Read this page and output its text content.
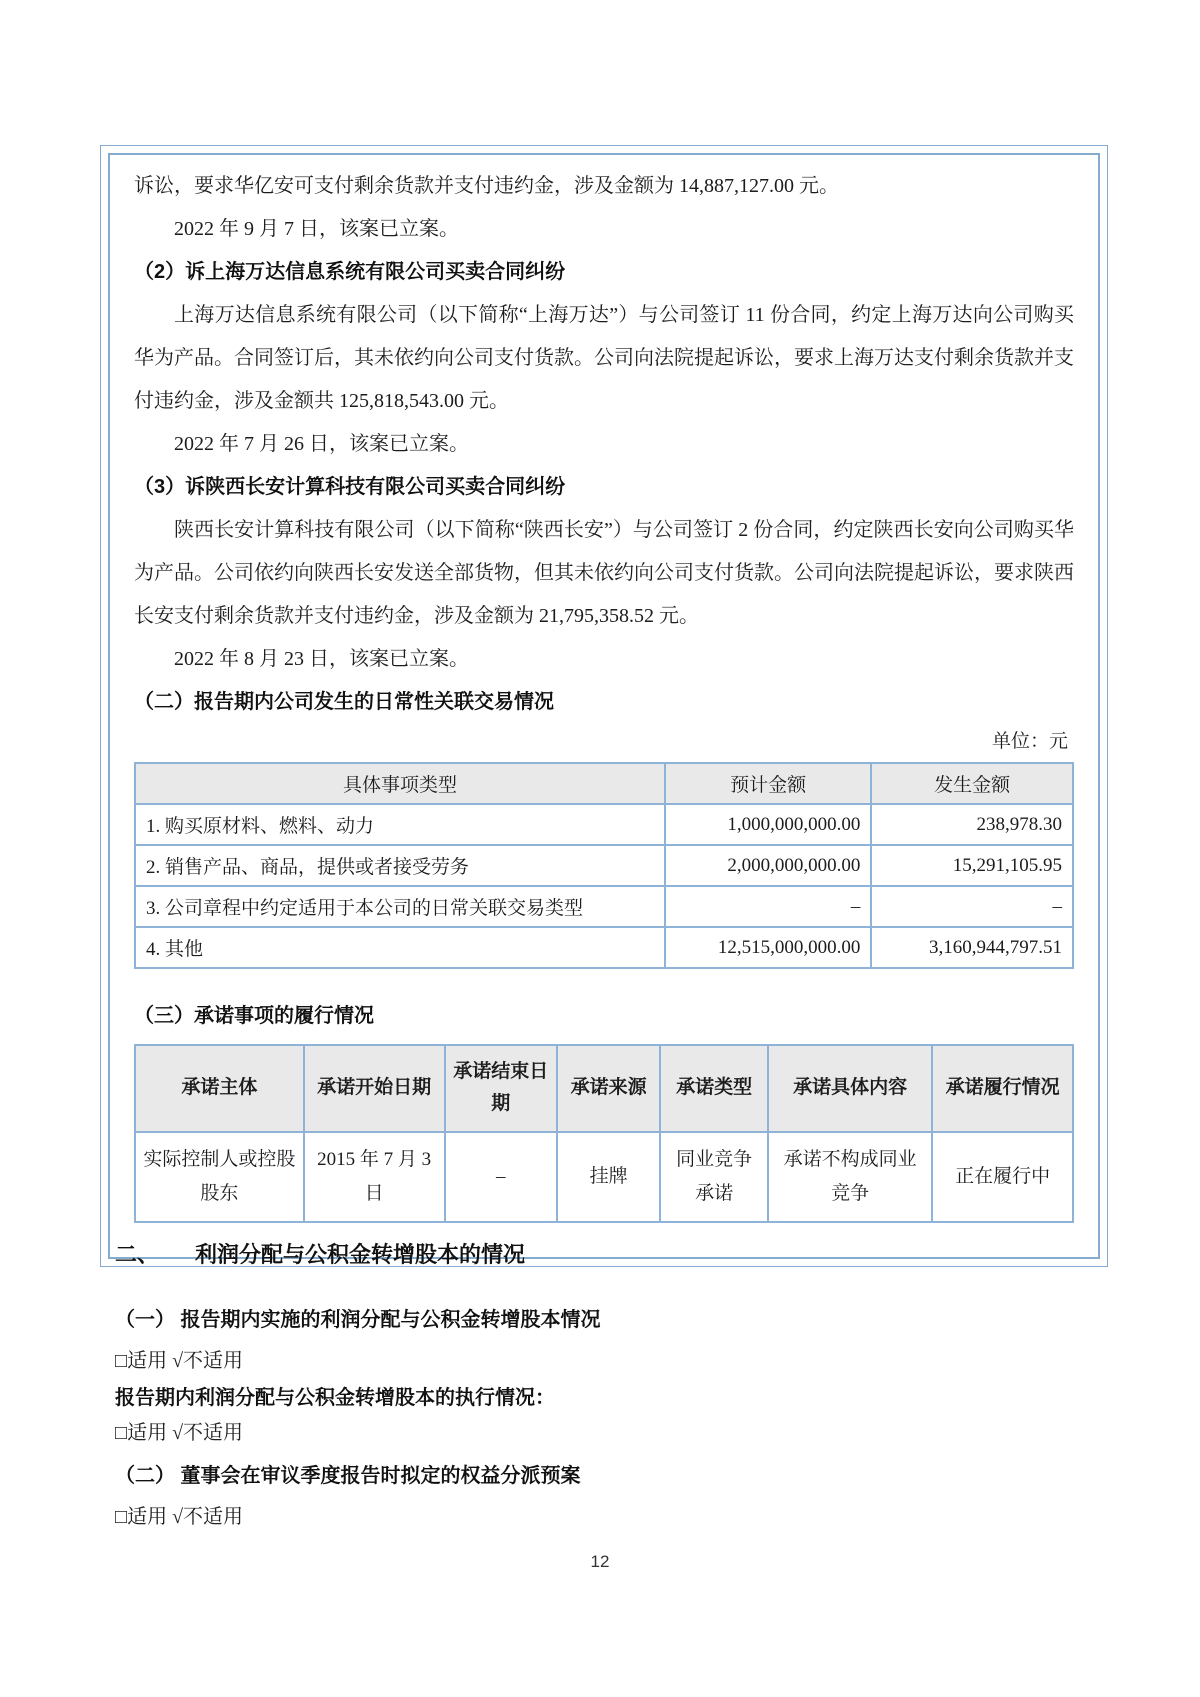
诉讼，要求华亿安可支付剩余货款并支付违约金，涉及金额为 14,887,127.00 元。

2022 年 9 月 7 日，该案已立案。

（2）诉上海万达信息系统有限公司买卖合同纠纷

上海万达信息系统有限公司（以下简称“上海万达”）与公司签订 11 份合同，约定上海万达向公司购买华为产品。合同签订后，其未依约向公司支付货款。公司向法院提起诉讼，要求上海万达支付剩余货款并支付违约金，涉及金额共 125,818,543.00 元。

2022 年 7 月 26 日，该案已立案。

（3）诉陕西长安计算科技有限公司买卖合同纠纷

陕西长安计算科技有限公司（以下简称“陕西长安”）与公司签订 2 份合同，约定陕西长安向公司购买华为产品。公司依约向陕西长安发送全部货物，但其未依约向公司支付货款。公司向法院提起诉讼，要求陕西长安支付剩余货款并支付违约金，涉及金额为 21,795,358.52 元。

2022 年 8 月 23 日，该案已立案。

（二）报告期内公司发生的日常性关联交易情况
单位：元
具体事项类型	预计金额	发生金额
1. 购买原材料、燃料、动力	1,000,000,000.00	238,978.30
2. 销售产品、商品，提供或者接受劳务	2,000,000,000.00	15,291,105.95
3. 公司章程中约定适用于本公司的日常关联交易类型	–	–
4. 其他	12,515,000,000.00	3,160,944,797.51
（三）承诺事项的履行情况
承诺主体	承诺开始日期	承诺结束日期	承诺来源	承诺类型	承诺具体内容	承诺履行情况
实际控制人或控股股东	2015 年 7 月 3 日	–	挂牌	同业竞争承诺	承诺不构成同业竞争	正在履行中
二、 利润分配与公积金转增股本的情况
（一） 报告期内实施的利润分配与公积金转增股本情况
□适用 √不适用
报告期内利润分配与公积金转增股本的执行情况：
□适用 √不适用
（二） 董事会在审议季度报告时拟定的权益分派预案
□适用 √不适用
12
